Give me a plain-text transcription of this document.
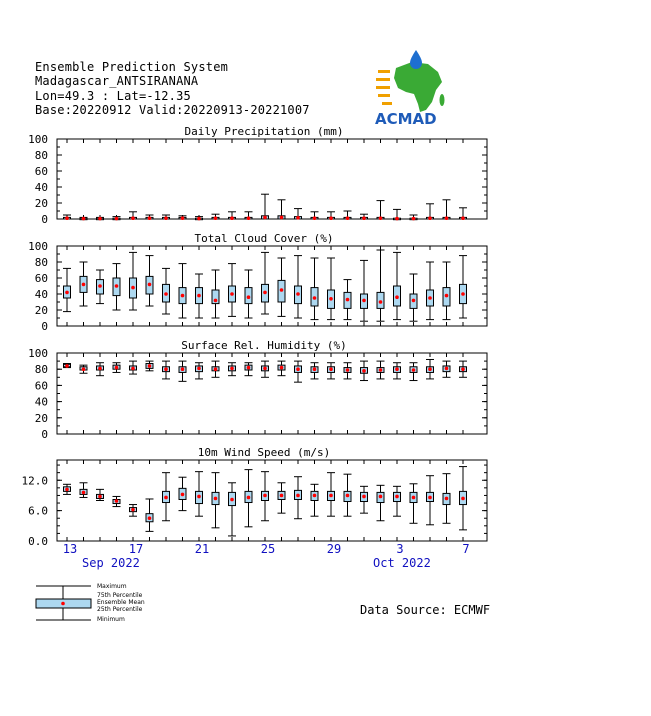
Ensemble Prediction System
Madagascar_ANTSIRANANA
Lon=49.3 : Lat=-12.35
Base:20220912 Valid:20220913-20221007	ACMAD
Daily Precipitation (mm)
0
20
40
60
80
100
Total Cloud Cover (%)
0
20
40
60
80
100
Surface Rel. Humidity (%)
0
20
40
60
80
100
10m Wind Speed (m/s)
0.0
6.0
12.0
13	17	21	25	29	3	7
Sep 2022	Oct 2022
Data Source: ECMWF
Maximum
75th Percentile
Ensemble Mean
25th Percentile
Minimum
